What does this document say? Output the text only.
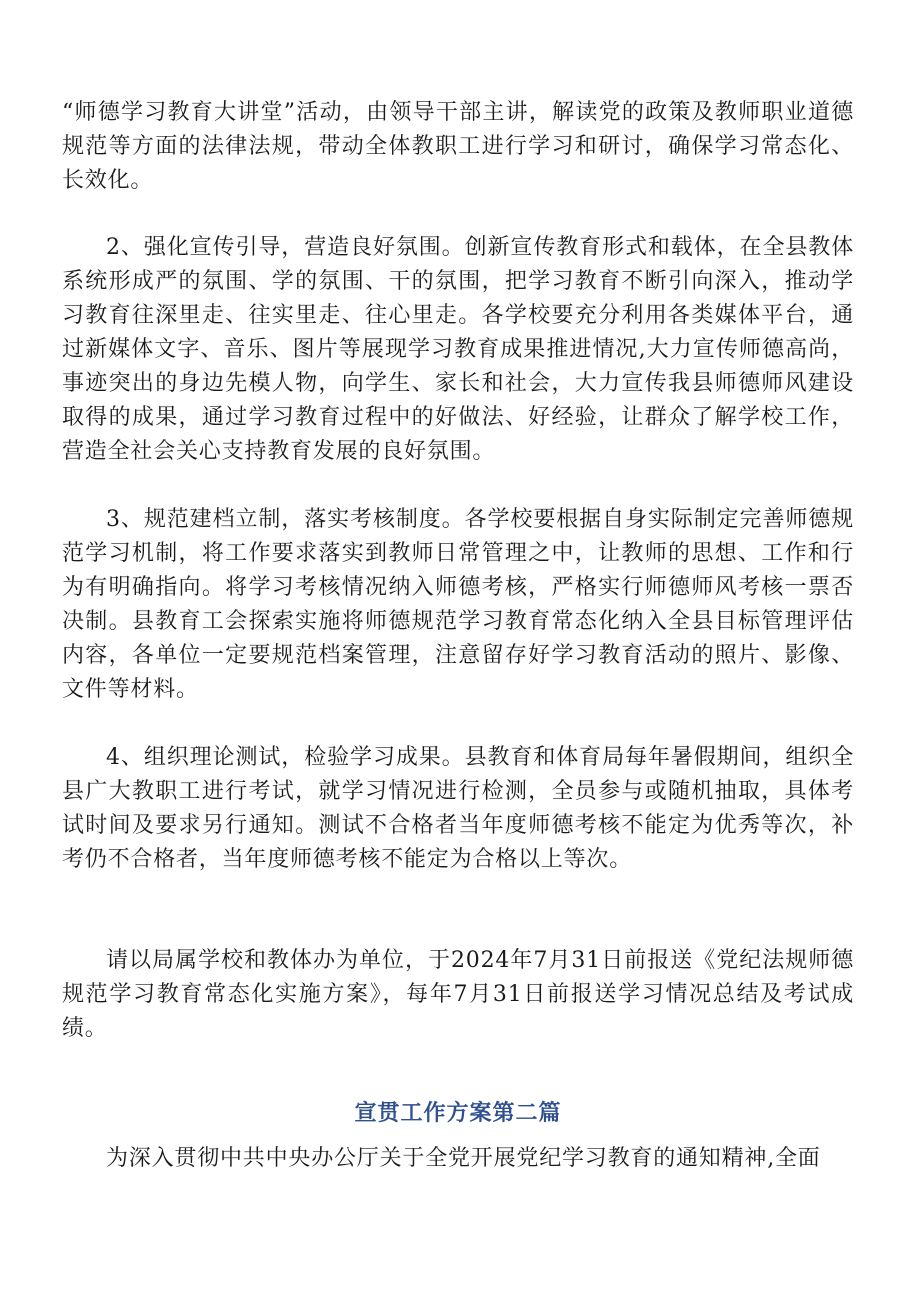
“师德学习教育大讲堂”活动，由领导干部主讲，解读党的政策及教师职业道德规范等方面的法律法规，带动全体教职工进行学习和研讨，确保学习常态化、长效化。

2、强化宣传引导，营造良好氛围。创新宣传教育形式和载体，在全县教体系统形成严的氛围、学的氛围、干的氛围，把学习教育不断引向深入，推动学习教育往深里走、往实里走、往心里走。各学校要充分利用各类媒体平台，通过新媒体文字、音乐、图片等展现学习教育成果推进情况,大力宣传师德高尚，事迹突出的身边先模人物，向学生、家长和社会，大力宣传我县师德师风建设取得的成果，通过学习教育过程中的好做法、好经验，让群众了解学校工作，营造全社会关心支持教育发展的良好氛围。

3、规范建档立制，落实考核制度。各学校要根据自身实际制定完善师德规范学习机制，将工作要求落实到教师日常管理之中，让教师的思想、工作和行为有明确指向。将学习考核情况纳入师德考核，严格实行师德师风考核一票否决制。县教育工会探索实施将师德规范学习教育常态化纳入全县目标管理评估内容，各单位一定要规范档案管理，注意留存好学习教育活动的照片、影像、文件等材料。

4、组织理论测试，检验学习成果。县教育和体育局每年暑假期间，组织全县广大教职工进行考试，就学习情况进行检测，全员参与或随机抽取，具体考试时间及要求另行通知。测试不合格者当年度师德考核不能定为优秀等次，补考仍不合格者，当年度师德考核不能定为合格以上等次。

请以局属学校和教体办为单位，于2024年7月31日前报送《党纪法规师德规范学习教育常态化实施方案》，每年7月31日前报送学习情况总结及考试成绩。

宣贯工作方案第二篇

为深入贯彻中共中央办公厅关于全党开展党纪学习教育的通知精神,全面
